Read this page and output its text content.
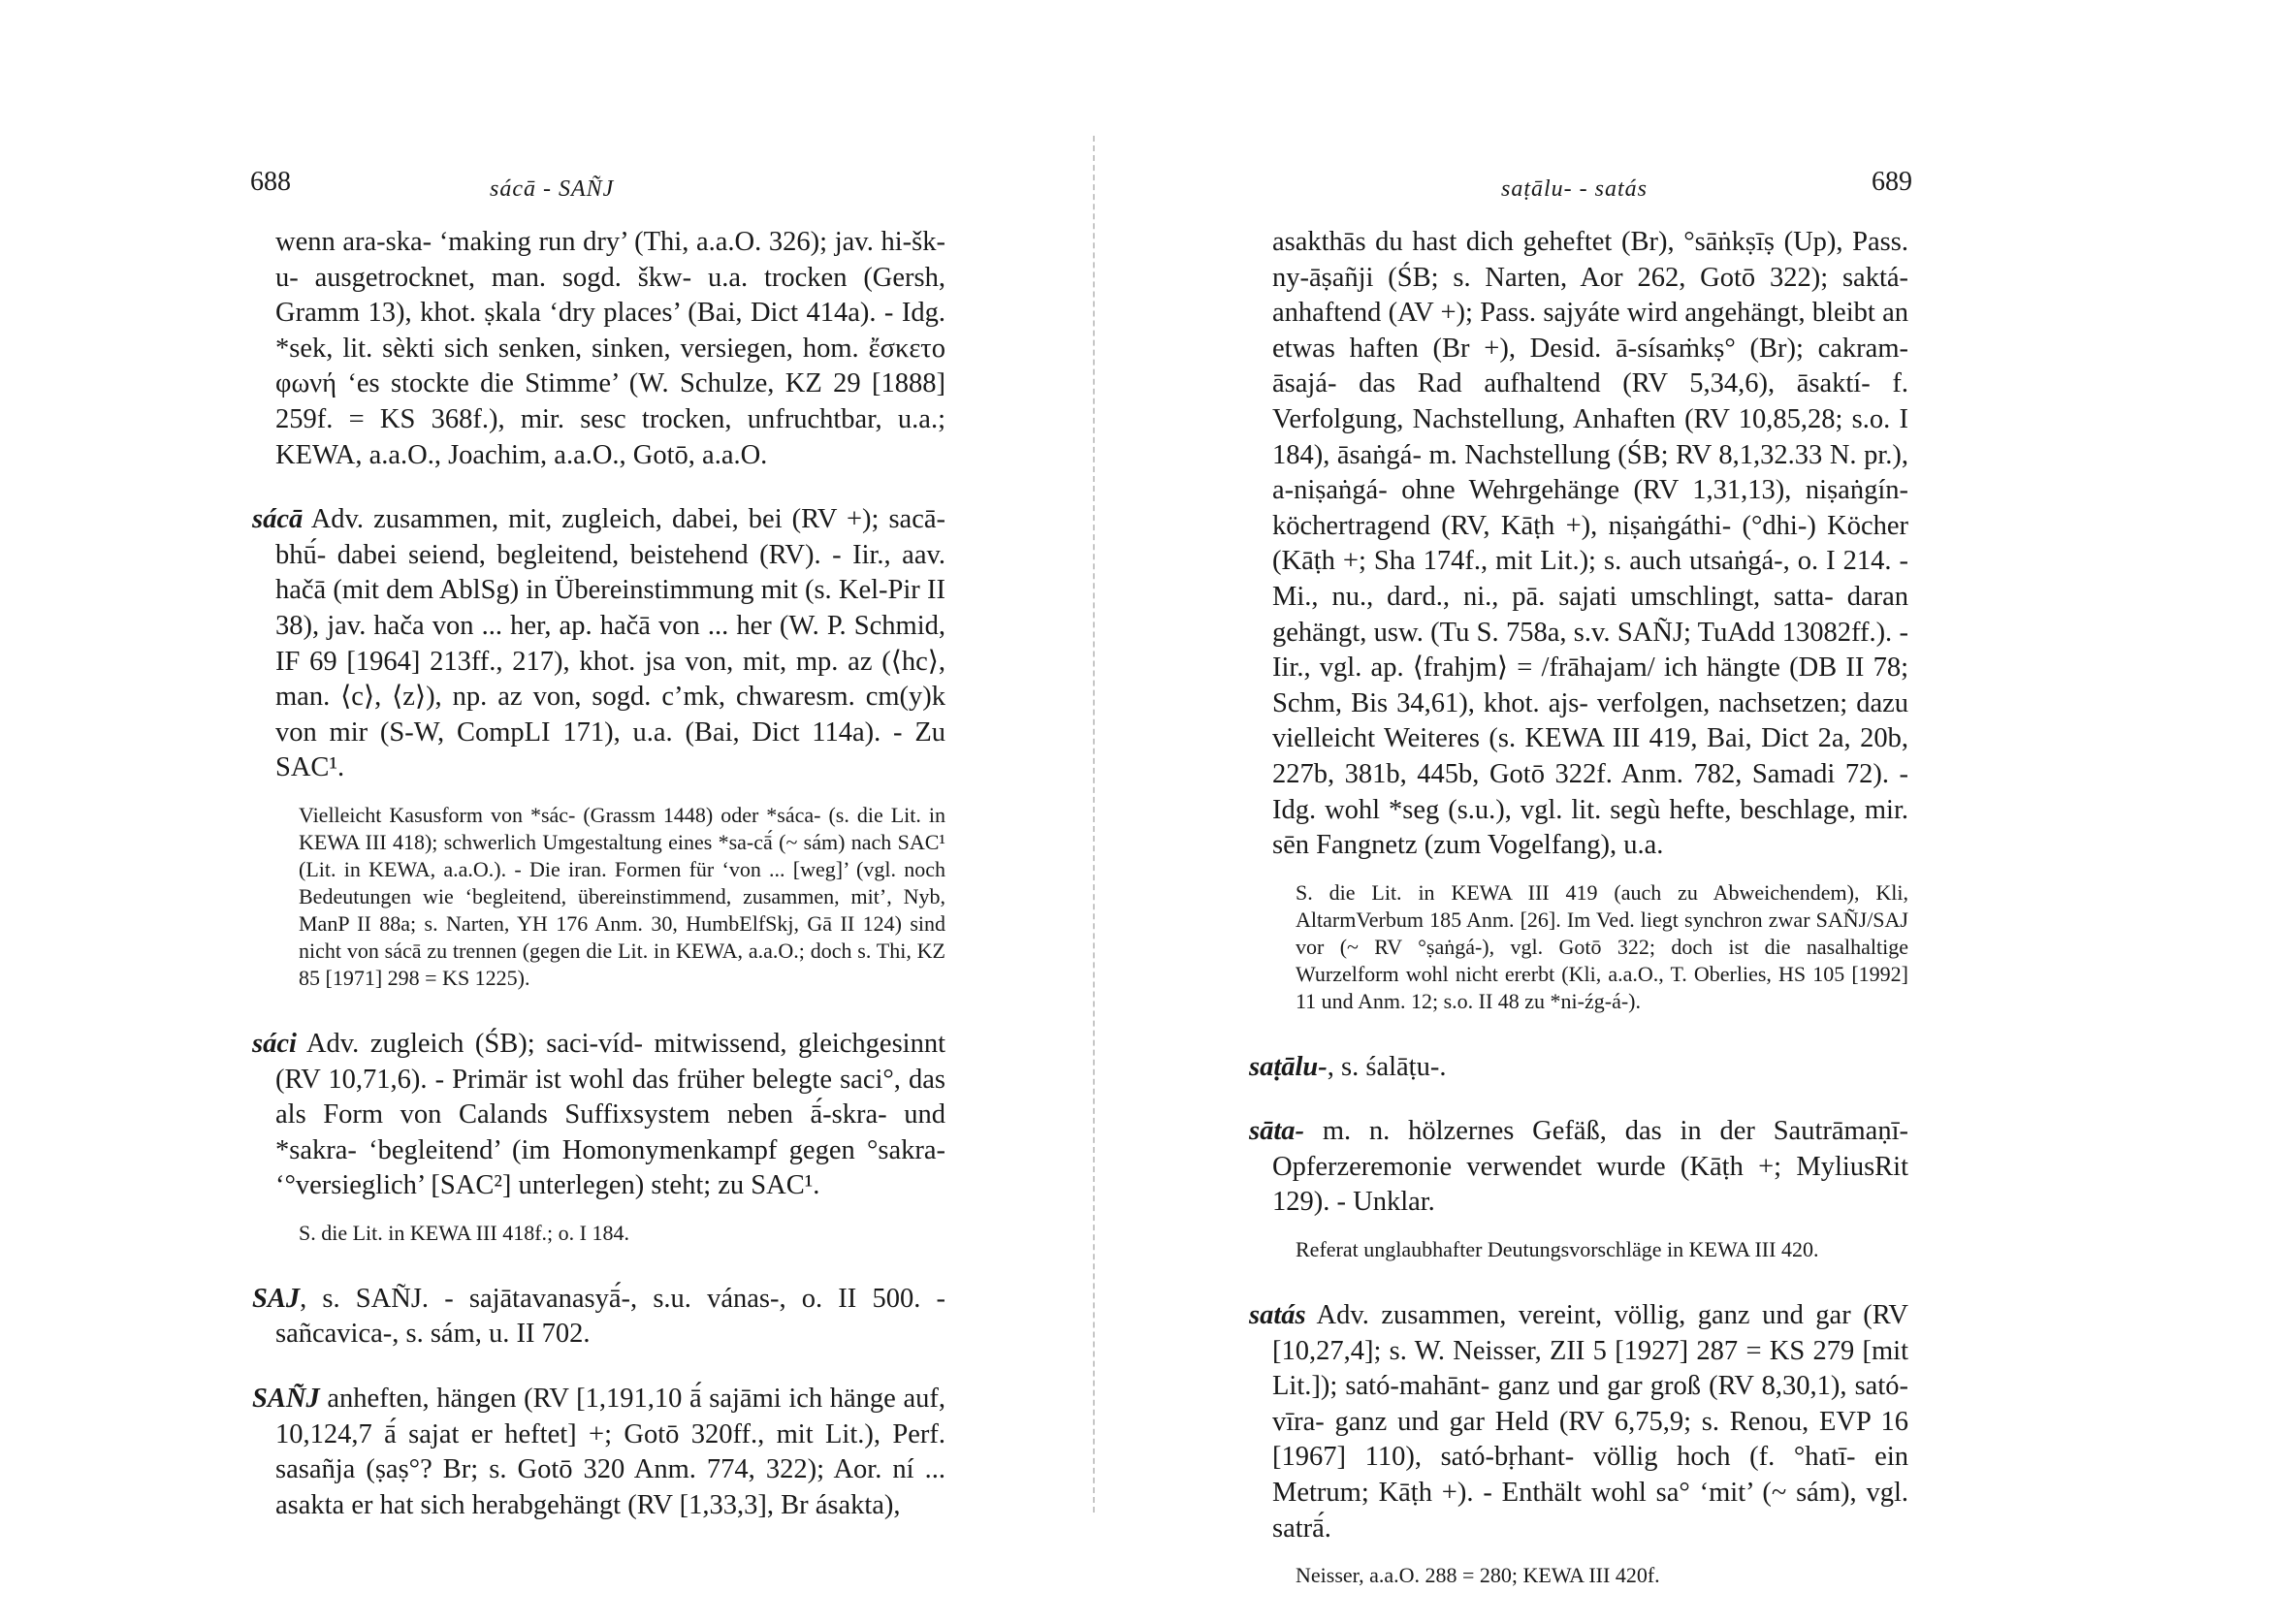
688	sácā - SAÑJ

wenn ara-ska- ‘making run dry’ (Thi, a.a.O. 326); jav. hi-šk-u- ausgetrocknet, man. sogd. škw- u.a. trocken (Gersh, Gramm 13), khot. ṣkala ‘dry places’ (Bai, Dict 414a). - Idg. *sek, lit. sèkti sich senken, sinken, versiegen, hom. ἔσκετο φωνή ‘es stockte die Stimme’ (W. Schulze, KZ 29 [1888] 259f. = KS 368f.), mir. sesc trocken, unfruchtbar, u.a.; KEWA, a.a.O., Joachim, a.a.O., Gotō, a.a.O.

sácā Adv. zusammen, mit, zugleich, dabei, bei (RV +); sacā-bhū́- dabei seiend, begleitend, beistehend (RV). - Iir., aav. hačā (mit dem AblSg) in Übereinstimmung mit (s. Kel-Pir II 38), jav. hača von ... her, ap. hačā von ... her (W. P. Schmid, IF 69 [1964] 213ff., 217), khot. jsa von, mit, mp. az (⟨hc⟩, man. ⟨c⟩, ⟨z⟩), np. az von, sogd. c’mk, chwaresm. cm(y)k von mir (S-W, CompLI 171), u.a. (Bai, Dict 114a). - Zu SAC¹.

Vielleicht Kasusform von *sác- (Grassm 1448) oder *sáca- (s. die Lit. in KEWA III 418); schwerlich Umgestaltung eines *sa-cā́ (~ sám) nach SAC¹ (Lit. in KEWA, a.a.O.). - Die iran. Formen für ‘von ... [weg]’ (vgl. noch Bedeutungen wie ‘begleitend, übereinstimmend, zusammen, mit’, Nyb, ManP II 88a; s. Narten, YH 176 Anm. 30, HumbElfSkj, Gā II 124) sind nicht von sácā zu trennen (gegen die Lit. in KEWA, a.a.O.; doch s. Thi, KZ 85 [1971] 298 = KS 1225).

sáci Adv. zugleich (ŚB); saci-víd- mitwissend, gleichgesinnt (RV 10,71,6). - Primär ist wohl das früher belegte saci°, das als Form von Calands Suffixsystem neben ā́-skra- und *sakra- ‘begleitend’ (im Homonymenkampf gegen °sakra- ‘°versieglich’ [SAC²] unterlegen) steht; zu SAC¹.

S. die Lit. in KEWA III 418f.; o. I 184.

SAJ, s. SAÑJ. - sajātavanasyā́-, s.u. vánas-, o. II 500. - sañcavica-, s. sám, u. II 702.

SAÑJ anheften, hängen (RV [1,191,10 ā́ sajāmi ich hänge auf, 10,124,7 ā́ sajat er heftet] +; Gotō 320ff., mit Lit.), Perf. sasañja (ṣaṣ°? Br; s. Gotō 320 Anm. 774, 322); Aor. ní ... asakta er hat sich herabgehängt (RV [1,33,3], Br ásakta),

saṭālu- - satás	689

asakthās du hast dich geheftet (Br), °sāṅkṣīṣ (Up), Pass. ny-āṣañji (ŚB; s. Narten, Aor 262, Gotō 322); saktá- anhaftend (AV +); Pass. sajyáte wird angehängt, bleibt an etwas haften (Br +), Desid. ā-sísaṁkṣ° (Br); cakram-āsajá- das Rad aufhaltend (RV 5,34,6), āsaktí- f. Verfolgung, Nachstellung, Anhaften (RV 10,85,28; s.o. I 184), āsaṅgá- m. Nachstellung (ŚB; RV 8,1,32.33 N. pr.), a-niṣaṅgá- ohne Wehrgehänge (RV 1,31,13), niṣaṅgín- köchertragend (RV, Kāṭh +), niṣaṅgáthi- (°dhi-) Köcher (Kāṭh +; Sha 174f., mit Lit.); s. auch utsaṅgá-, o. I 214. - Mi., nu., dard., ni., pā. sajati umschlingt, satta- daran gehängt, usw. (Tu S. 758a, s.v. SAÑJ; TuAdd 13082ff.). - Iir., vgl. ap. ⟨frahjm⟩ = /frāhajam/ ich hängte (DB II 78; Schm, Bis 34,61), khot. ajs- verfolgen, nachsetzen; dazu vielleicht Weiteres (s. KEWA III 419, Bai, Dict 2a, 20b, 227b, 381b, 445b, Gotō 322f. Anm. 782, Samadi 72). - Idg. wohl *seg (s.u.), vgl. lit. segù hefte, beschlage, mir. sēn Fangnetz (zum Vogelfang), u.a.

S. die Lit. in KEWA III 419 (auch zu Abweichendem), Kli, AltarmVerbum 185 Anm. [26]. Im Ved. liegt synchron zwar SAÑJ/SAJ vor (~ RV °ṣaṅgá-), vgl. Gotō 322; doch ist die nasalhaltige Wurzelform wohl nicht ererbt (Kli, a.a.O., T. Oberlies, HS 105 [1992] 11 und Anm. 12; s.o. II 48 zu *ni-źg-á-).

saṭālu-, s. śalāṭu-.

sāta- m. n. hölzernes Gefäß, das in der Sautrāmaṇī-Opferzeremonie verwendet wurde (Kāṭh +; MyliusRit 129). - Unklar.

Referat unglaubhafter Deutungsvorschläge in KEWA III 420.

satás Adv. zusammen, vereint, völlig, ganz und gar (RV [10,27,4]; s. W. Neisser, ZII 5 [1927] 287 = KS 279 [mit Lit.]); sató-mahānt- ganz und gar groß (RV 8,30,1), sató-vīra- ganz und gar Held (RV 6,75,9; s. Renou, EVP 16 [1967] 110), sató-bṛhant- völlig hoch (f. °hatī- ein Metrum; Kāṭh +). - Enthält wohl sa° ‘mit’ (~ sám), vgl. satrā́.

Neisser, a.a.O. 288 = 280; KEWA III 420f.
